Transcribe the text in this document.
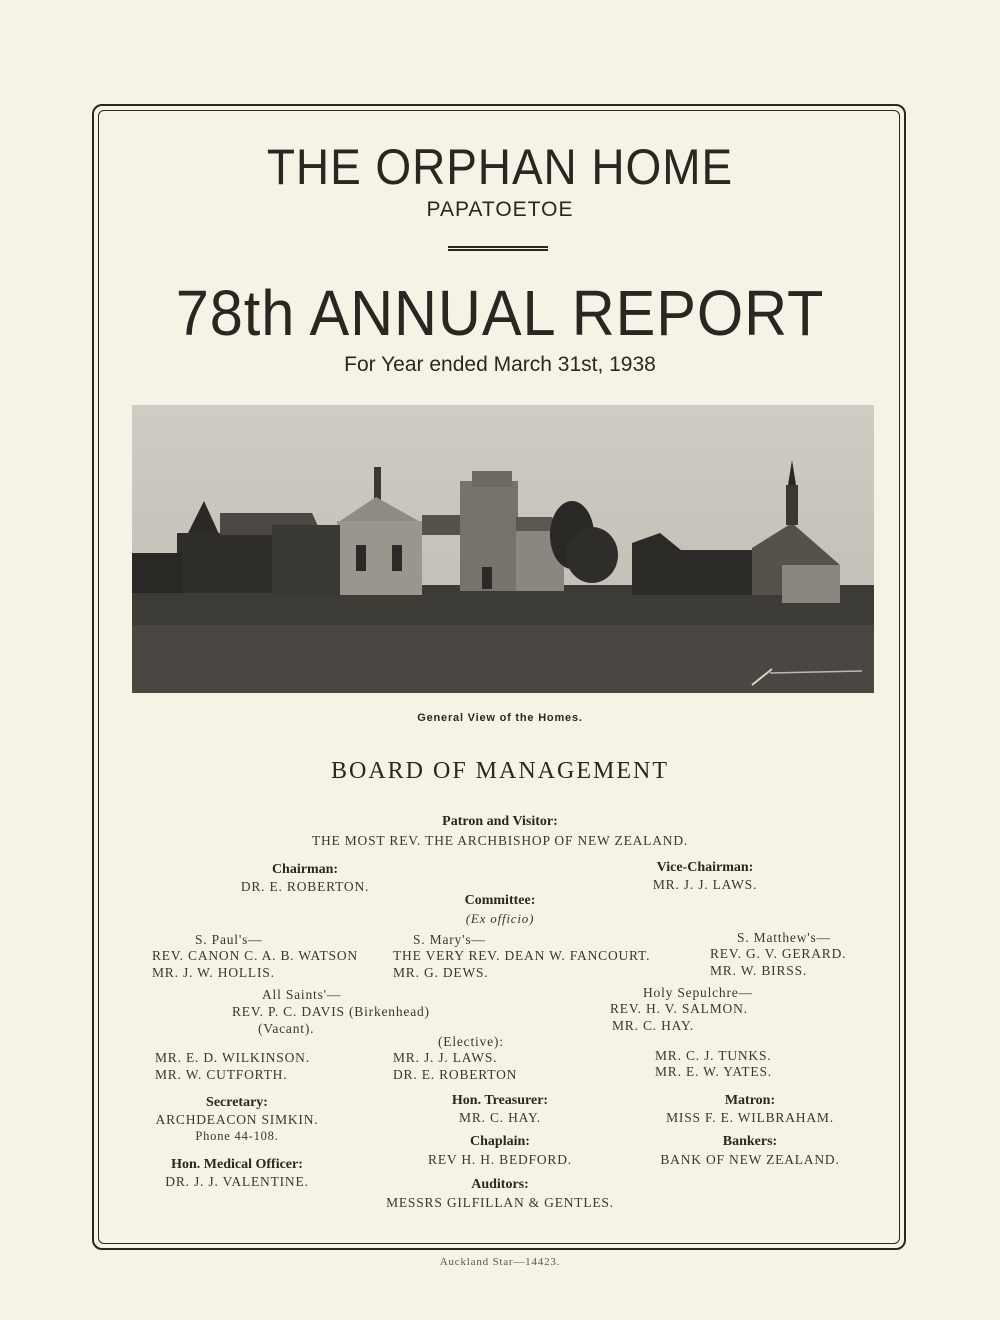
THE ORPHAN HOME
PAPATOETOE
78th ANNUAL REPORT
For Year ended March 31st, 1938
General View of the Homes.
BOARD OF MANAGEMENT
Patron and Visitor:
THE MOST REV. THE ARCHBISHOP OF NEW ZEALAND.
Chairman:
DR. E. ROBERTON.
Vice-Chairman:
MR. J. J. LAWS.
Committee:
(Ex officio)
S. Paul's—
REV. CANON C. A. B. WATSON
MR. J. W. HOLLIS.
S. Mary's—
THE VERY REV. DEAN W. FANCOURT.
MR. G. DEWS.
S. Matthew's—
REV. G. V. GERARD.
MR. W. BIRSS.
All Saints'—
REV. P. C. DAVIS (Birkenhead)
(Vacant).
Holy Sepulchre—
REV. H. V. SALMON.
MR. C. HAY.
(Elective):
MR. E. D. WILKINSON.
MR. W. CUTFORTH.
MR. J. J. LAWS.
DR. E. ROBERTON
MR. C. J. TUNKS.
MR. E. W. YATES.
Secretary:
ARCHDEACON SIMKIN.
Phone 44-108.
Hon. Treasurer:
MR. C. HAY.
Matron:
MISS F. E. WILBRAHAM.
Hon. Medical Officer:
DR. J. J. VALENTINE.
Chaplain:
REV H. H. BEDFORD.
Bankers:
BANK OF NEW ZEALAND.
Auditors:
MESSRS GILFILLAN & GENTLES.
Auckland Star—14423.
